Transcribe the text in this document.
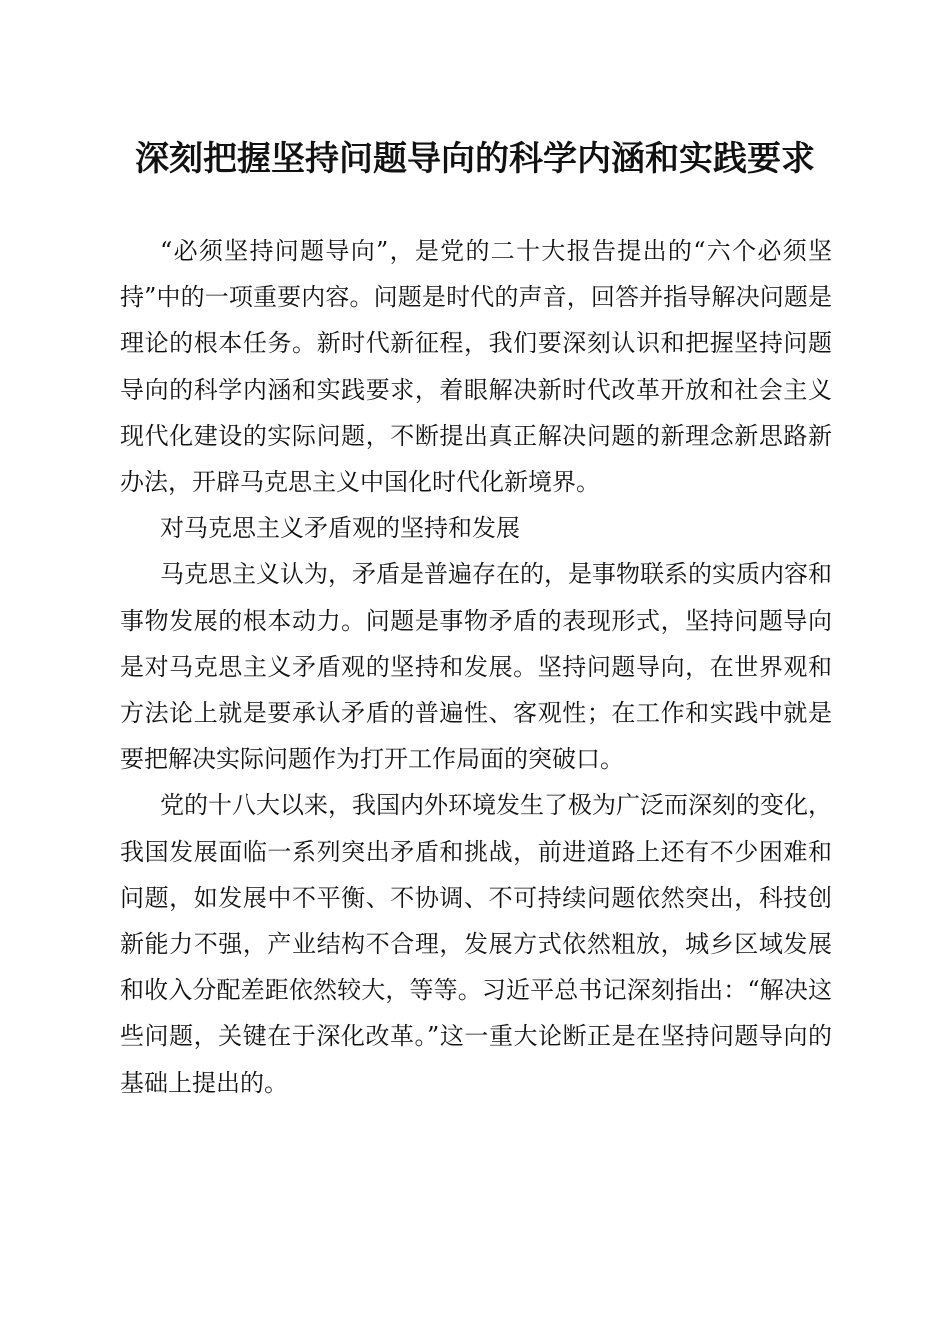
深刻把握坚持问题导向的科学内涵和实践要求

“必须坚持问题导向”，是党的二十大报告提出的“六个必须坚持”中的一项重要内容。问题是时代的声音，回答并指导解决问题是理论的根本任务。新时代新征程，我们要深刻认识和把握坚持问题导向的科学内涵和实践要求，着眼解决新时代改革开放和社会主义现代化建设的实际问题，不断提出真正解决问题的新理念新思路新办法，开辟马克思主义中国化时代化新境界。

对马克思主义矛盾观的坚持和发展

马克思主义认为，矛盾是普遍存在的，是事物联系的实质内容和事物发展的根本动力。问题是事物矛盾的表现形式，坚持问题导向是对马克思主义矛盾观的坚持和发展。坚持问题导向，在世界观和方法论上就是要承认矛盾的普遍性、客观性；在工作和实践中就是要把解决实际问题作为打开工作局面的突破口。

党的十八大以来，我国内外环境发生了极为广泛而深刻的变化，我国发展面临一系列突出矛盾和挑战，前进道路上还有不少困难和问题，如发展中不平衡、不协调、不可持续问题依然突出，科技创新能力不强，产业结构不合理，发展方式依然粗放，城乡区域发展和收入分配差距依然较大，等等。习近平总书记深刻指出：“解决这些问题，关键在于深化改革。”这一重大论断正是在坚持问题导向的基础上提出的。
